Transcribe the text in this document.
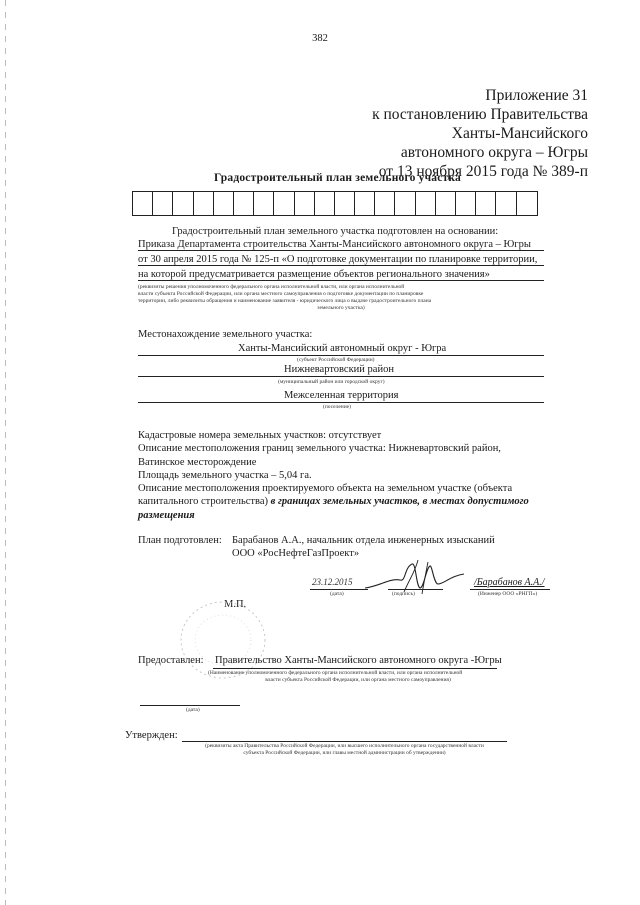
382
Приложение 31
к постановлению Правительства
Ханты-Мансийского
автономного округа – Югры
от 13 ноября 2015 года № 389-п
Градостроительный план земельного участка
Градостроительный план земельного участка подготовлен на основании:
Приказа Департамента строительства Ханты-Мансийского автономного округа – Югры
от 30 апреля 2015 года № 125-п «О подготовке документации по планировке территории,
на которой предусматривается размещение объектов регионального значения»
(реквизиты решения уполномоченного федерального органа исполнительной власти, или органа исполнительной
власти субъекта Российской Федерации, или органа местного самоуправления о подготовке документации по планировке
территории, либо реквизиты обращения и наименование заявителя - юридического лица о выдаче градостроительного плана
земельного участка)
Местонахождение земельного участка:
Ханты-Мансийский автономный округ - Югра
(субъект Российской Федерации)
Нижневартовский район
(муниципальный район или городской округ)
Межселенная территория
(поселение)
Кадастровые номера земельных участков: отсутствует
Описание местоположения границ земельного участка: Нижневартовский район,
Ватинское месторождение
Площадь земельного участка – 5,04 га.
Описание местоположения проектируемого объекта на земельном участке (объекта
капитального строительства) в границах земельных участков, в местах допустимого
размещения
План подготовлен: Барабанов А.А., начальник отдела инженерных изысканий
ООО «РосНефтеГазПроект»
23.12.2015
(дата)	(подпись)
/Барабанов А.А./
(Инженер ООО «РНГП»)
М.П.
Предоставлен: Правительство Ханты-Мансийского автономного округа -Югры
(Наименование уполномоченного федерального органа исполнительной власти, или органа исполнительной
власти субъекта Российской Федерации, или органа местного самоуправления)
(дата)
Утвержден:
(реквизиты акта Правительства Российской Федерации, или высшего исполнительного органа государственной власти
субъекта Российской Федерации, или главы местной администрации об утверждении)
